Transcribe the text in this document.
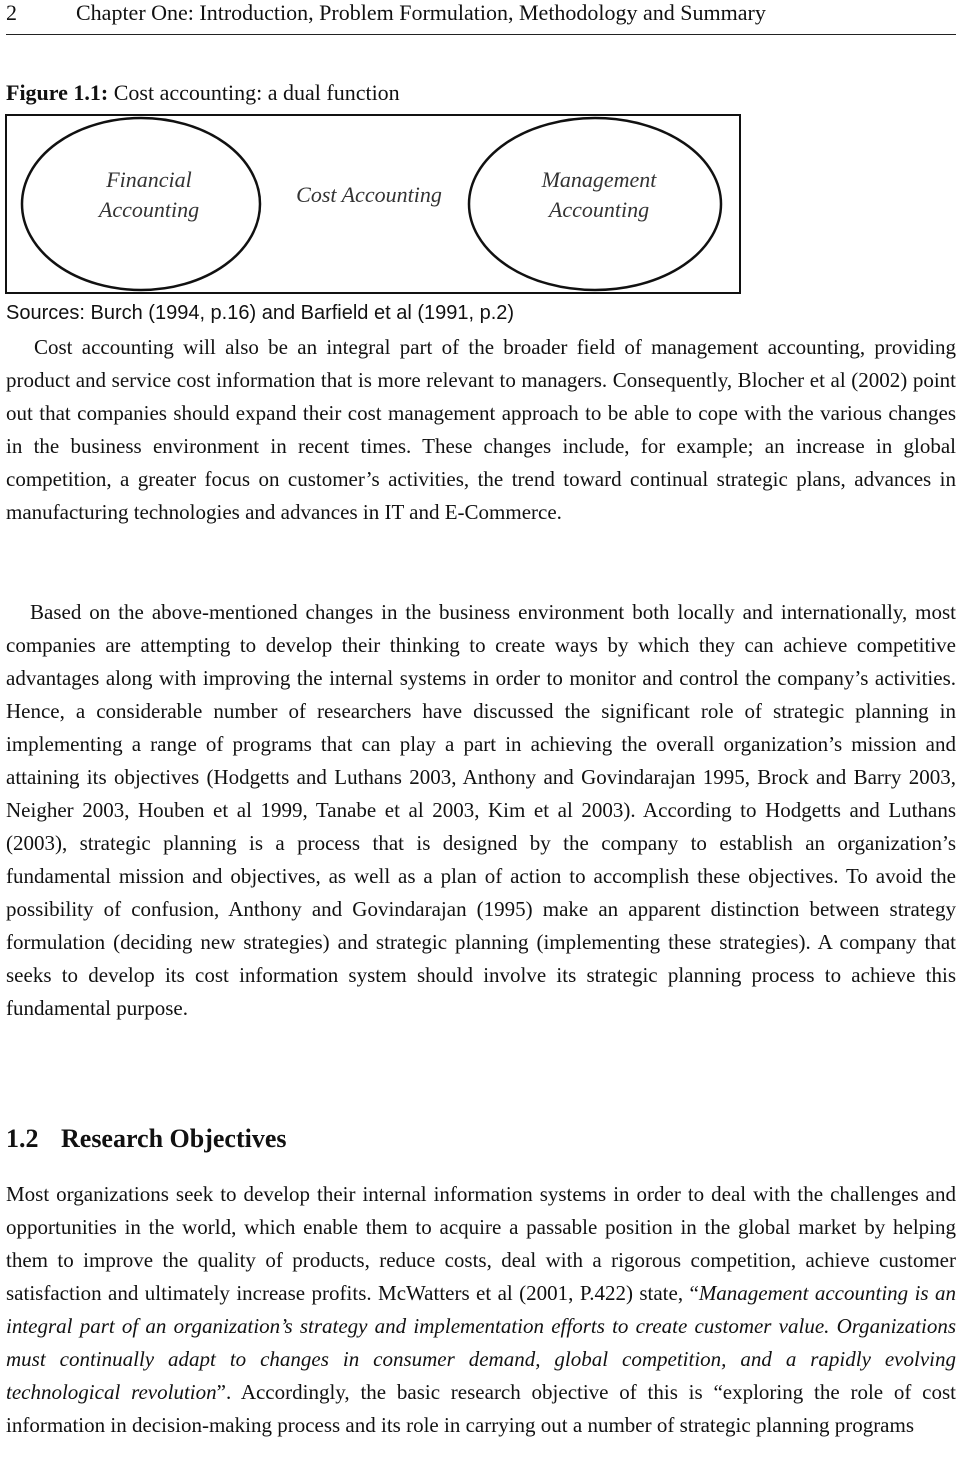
2	Chapter One: Introduction, Problem Formulation, Methodology and Summary
Figure 1.1: Cost accounting: a dual function
Financial
Accounting
Cost Accounting
Management
Accounting
Sources: Burch (1994, p.16) and Barfield et al (1991, p.2)

Cost accounting will also be an integral part of the broader field of management accounting, providing product and service cost information that is more relevant to managers. Consequently, Blocher et al (2002) point out that companies should expand their cost management approach to be able to cope with the various changes in the business environment in recent times. These changes include, for example; an increase in global competition, a greater focus on customer’s activities, the trend toward continual strategic plans, advances in manufacturing technologies and advances in IT and E-Commerce.

Based on the above-mentioned changes in the business environment both locally and internationally, most companies are attempting to develop their thinking to create ways by which they can achieve competitive advantages along with improving the internal systems in order to monitor and control the company’s activities. Hence, a considerable number of researchers have discussed the significant role of strategic planning in implementing a range of programs that can play a part in achieving the overall organization’s mission and attaining its objectives (Hodgetts and Luthans 2003, Anthony and Govindarajan 1995, Brock and Barry 2003, Neigher 2003, Houben et al 1999, Tanabe et al 2003, Kim et al 2003). According to Hodgetts and Luthans (2003), strategic planning is a process that is designed by the company to establish an organization’s fundamental mission and objectives, as well as a plan of action to accomplish these objectives. To avoid the possibility of confusion, Anthony and Govindarajan (1995) make an apparent distinction between strategy formulation (deciding new strategies) and strategic planning (implementing these strategies). A company that seeks to develop its cost information system should involve its strategic planning process to achieve this fundamental purpose.

1.2 Research Objectives

Most organizations seek to develop their internal information systems in order to deal with the challenges and opportunities in the world, which enable them to acquire a passable position in the global market by helping them to improve the quality of products, reduce costs, deal with a rigorous competition, achieve customer satisfaction and ultimately increase profits. McWatters et al (2001, P.422) state, “Management accounting is an integral part of an organization’s strategy and implementation efforts to create customer value. Organizations must continually adapt to changes in consumer demand, global competition, and a rapidly evolving technological revolution”. Accordingly, the basic research objective of this is “exploring the role of cost information in decision-making process and its role in carrying out a number of strategic planning programs
